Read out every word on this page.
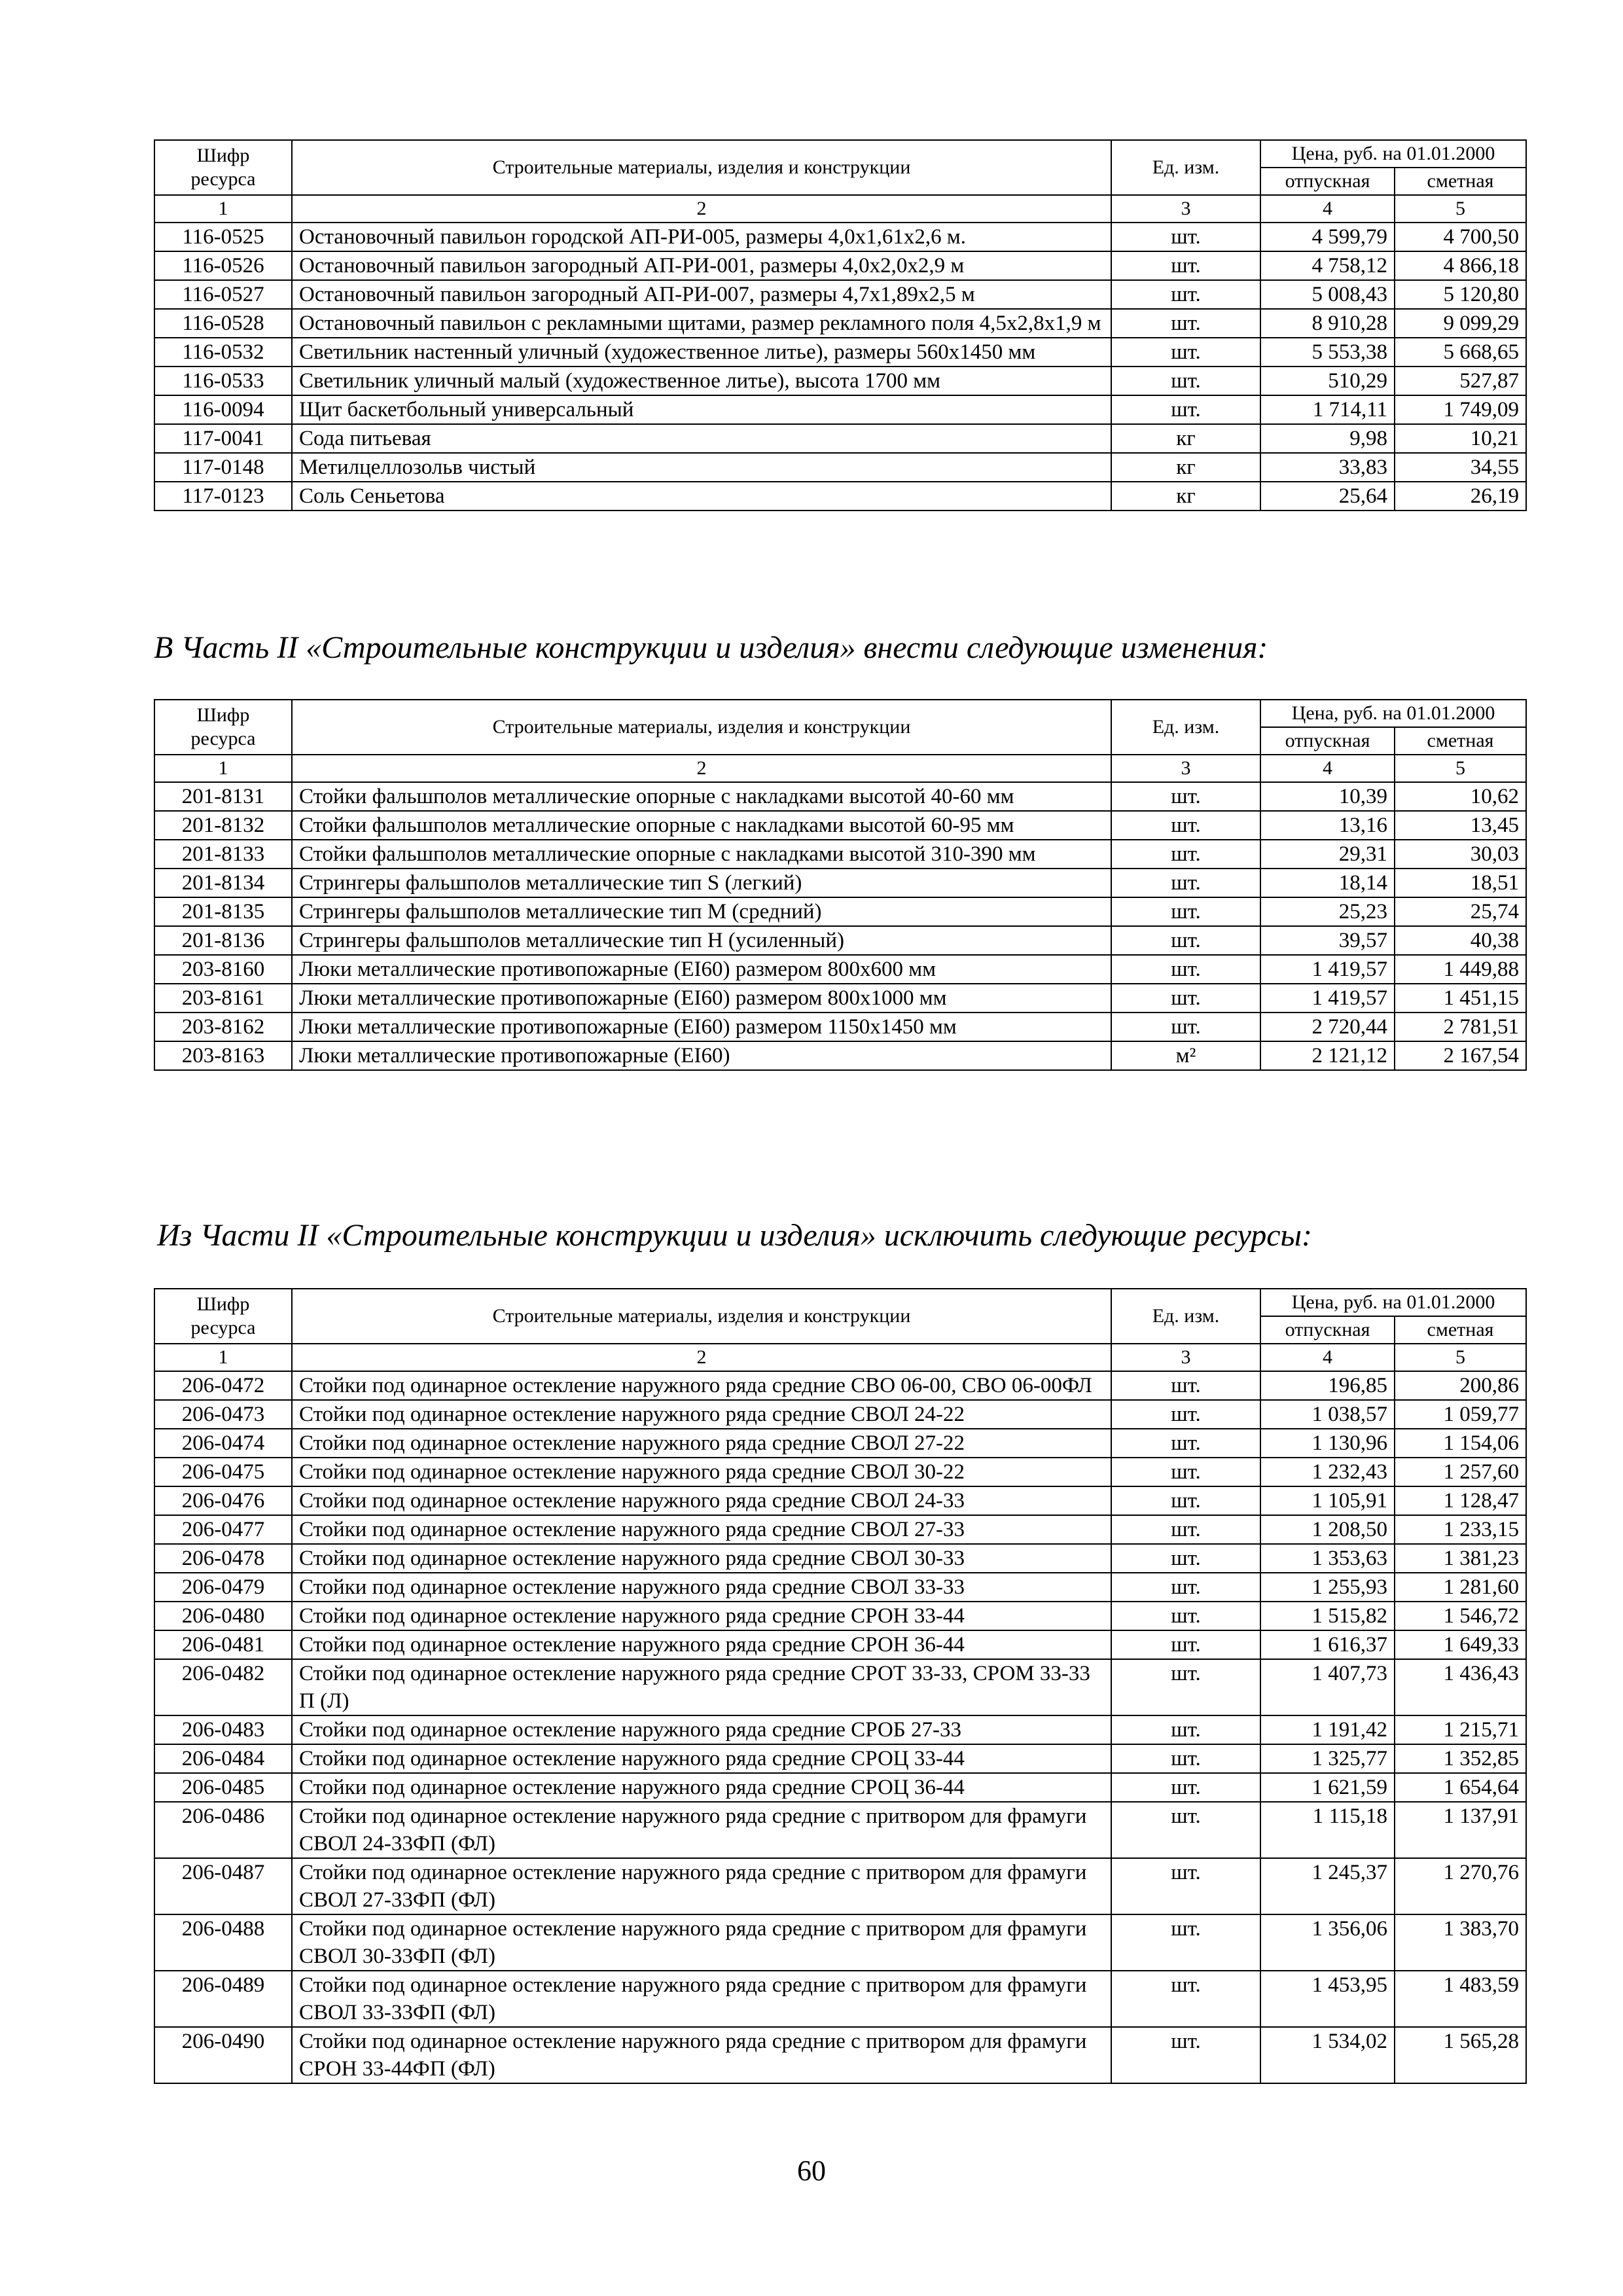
Шифр
ресурса	Строительные материалы, изделия и конструкции	Ед. изм.	Цена, руб. на 01.01.2000	
			отпускная	сметная
1	2	3	4	5
116-0525	Остановочный павильон городской АП-РИ-005, размеры 4,0х1,61х2,6 м.	шт.	4 599,79	4 700,50
116-0526	Остановочный павильон загородный АП-РИ-001, размеры 4,0х2,0х2,9 м	шт.	4 758,12	4 866,18
116-0527	Остановочный павильон загородный АП-РИ-007, размеры 4,7х1,89х2,5 м	шт.	5 008,43	5 120,80
116-0528	Остановочный павильон с рекламными щитами, размер рекламного поля 4,5х2,8х1,9 м	шт.	8 910,28	9 099,29
116-0532	Светильник настенный уличный (художественное литье), размеры 560х1450 мм	шт.	5 553,38	5 668,65
116-0533	Светильник уличный малый (художественное литье), высота 1700 мм	шт.	510,29	527,87
116-0094	Щит баскетбольный универсальный	шт.	1 714,11	1 749,09
117-0041	Сода питьевая	кг	9,98	10,21
117-0148	Метилцеллозольв чистый	кг	33,83	34,55
117-0123	Соль Сеньетова	кг	25,64	26,19
В Часть II «Строительные конструкции и изделия» внести следующие изменения:
Шифр
ресурса	Строительные материалы, изделия и конструкции	Ед. изм.	Цена, руб. на 01.01.2000	
			отпускная	сметная
1	2	3	4	5
201-8131	Стойки фальшполов металлические опорные с накладками высотой 40-60 мм	шт.	10,39	10,62
201-8132	Стойки фальшполов металлические опорные с накладками высотой 60-95 мм	шт.	13,16	13,45
201-8133	Стойки фальшполов металлические опорные с накладками высотой 310-390 мм	шт.	29,31	30,03
201-8134	Стрингеры фальшполов металлические тип S (легкий)	шт.	18,14	18,51
201-8135	Стрингеры фальшполов металлические тип M (средний)	шт.	25,23	25,74
201-8136	Стрингеры фальшполов металлические тип H (усиленный)	шт.	39,57	40,38
203-8160	Люки металлические противопожарные (EI60) размером 800х600 мм	шт.	1 419,57	1 449,88
203-8161	Люки металлические противопожарные (EI60) размером 800х1000 мм	шт.	1 419,57	1 451,15
203-8162	Люки металлические противопожарные (EI60) размером 1150х1450 мм	шт.	2 720,44	2 781,51
203-8163	Люки металлические противопожарные (EI60)	м²	2 121,12	2 167,54
Из Части II «Строительные конструкции и изделия» исключить следующие ресурсы:
Шифр
ресурса	Строительные материалы, изделия и конструкции	Ед. изм.	Цена, руб. на 01.01.2000	
			отпускная	сметная
1	2	3	4	5
206-0472	Стойки под одинарное остекление наружного ряда средние СВО 06-00, СВО 06-00ФЛ	шт.	196,85	200,86
206-0473	Стойки под одинарное остекление наружного ряда средние СВОЛ 24-22	шт.	1 038,57	1 059,77
206-0474	Стойки под одинарное остекление наружного ряда средние СВОЛ 27-22	шт.	1 130,96	1 154,06
206-0475	Стойки под одинарное остекление наружного ряда средние СВОЛ 30-22	шт.	1 232,43	1 257,60
206-0476	Стойки под одинарное остекление наружного ряда средние СВОЛ 24-33	шт.	1 105,91	1 128,47
206-0477	Стойки под одинарное остекление наружного ряда средние СВОЛ 27-33	шт.	1 208,50	1 233,15
206-0478	Стойки под одинарное остекление наружного ряда средние СВОЛ 30-33	шт.	1 353,63	1 381,23
206-0479	Стойки под одинарное остекление наружного ряда средние СВОЛ 33-33	шт.	1 255,93	1 281,60
206-0480	Стойки под одинарное остекление наружного ряда средние СРОН 33-44	шт.	1 515,82	1 546,72
206-0481	Стойки под одинарное остекление наружного ряда средние СРОН 36-44	шт.	1 616,37	1 649,33
206-0482	Стойки под одинарное остекление наружного ряда средние СРОТ 33-33, СРОМ 33-33 П (Л)	шт.	1 407,73	1 436,43
206-0483	Стойки под одинарное остекление наружного ряда средние СРОБ 27-33	шт.	1 191,42	1 215,71
206-0484	Стойки под одинарное остекление наружного ряда средние СРОЦ 33-44	шт.	1 325,77	1 352,85
206-0485	Стойки под одинарное остекление наружного ряда средние СРОЦ 36-44	шт.	1 621,59	1 654,64
206-0486	Стойки под одинарное остекление наружного ряда средние с притвором для фрамуги СВОЛ 24-33ФП (ФЛ)	шт.	1 115,18	1 137,91
206-0487	Стойки под одинарное остекление наружного ряда средние с притвором для фрамуги СВОЛ 27-33ФП (ФЛ)	шт.	1 245,37	1 270,76
206-0488	Стойки под одинарное остекление наружного ряда средние с притвором для фрамуги СВОЛ 30-33ФП (ФЛ)	шт.	1 356,06	1 383,70
206-0489	Стойки под одинарное остекление наружного ряда средние с притвором для фрамуги СВОЛ 33-33ФП (ФЛ)	шт.	1 453,95	1 483,59
206-0490	Стойки под одинарное остекление наружного ряда средние с притвором для фрамуги СРОН 33-44ФП (ФЛ)	шт.	1 534,02	1 565,28
60
